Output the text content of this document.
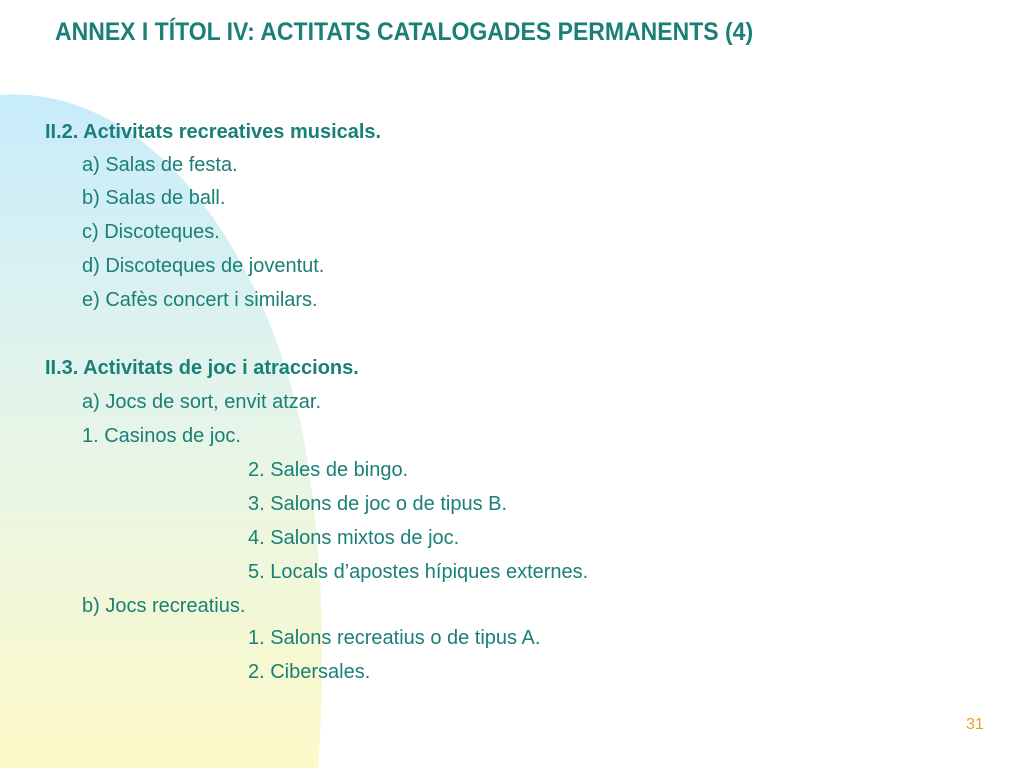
ANNEX I TÍTOL IV: ACTITATS CATALOGADES PERMANENTS (4)
II.2. Activitats recreatives musicals.
a) Salas de festa.
b) Salas de ball.
c) Discoteques.
d) Discoteques de joventut.
e) Cafès concert i similars.
II.3. Activitats de joc i atraccions.
a) Jocs de sort, envit atzar.
1. Casinos de joc.
2. Sales de bingo.
3. Salons de joc o de tipus B.
4. Salons mixtos de joc.
5. Locals d’apostes hípiques externes.
b) Jocs recreatius.
1. Salons recreatius o de tipus A.
2. Cibersales.
31
